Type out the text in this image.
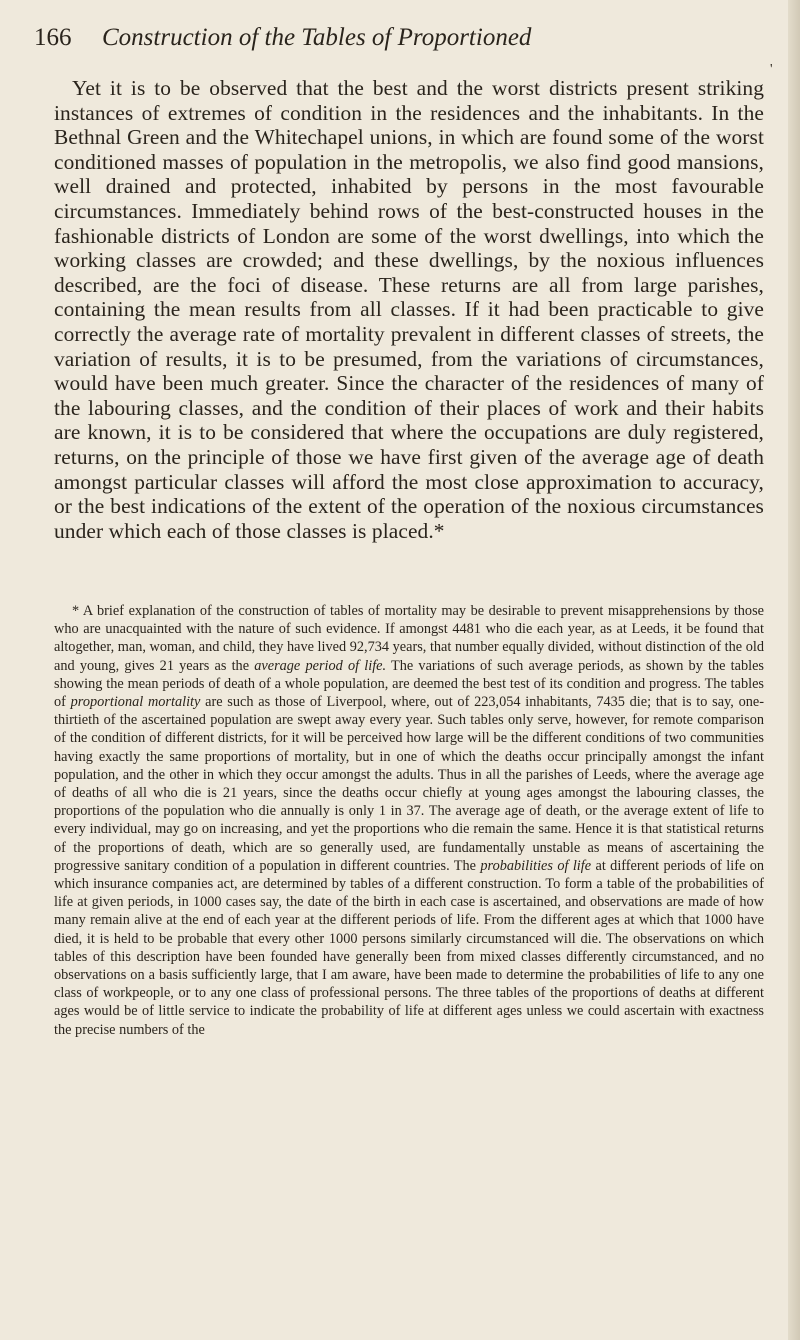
166 Construction of the Tables of Proportioned
'

Yet it is to be observed that the best and the worst districts present striking instances of extremes of condition in the residences and the inhabitants. In the Bethnal Green and the Whitechapel unions, in which are found some of the worst conditioned masses of population in the metropolis, we also find good mansions, well drained and protected, inhabited by persons in the most favourable circumstances. Immediately behind rows of the best-constructed houses in the fashionable districts of London are some of the worst dwellings, into which the working classes are crowded; and these dwellings, by the noxious influences described, are the foci of disease. These returns are all from large parishes, containing the mean results from all classes. If it had been practicable to give correctly the average rate of mortality prevalent in different classes of streets, the variation of results, it is to be presumed, from the variations of circumstances, would have been much greater. Since the character of the residences of many of the labouring classes, and the condition of their places of work and their habits are known, it is to be considered that where the occupations are duly registered, returns, on the principle of those we have first given of the average age of death amongst particular classes will afford the most close approximation to accuracy, or the best indications of the extent of the operation of the noxious circumstances under which each of those classes is placed.*

* A brief explanation of the construction of tables of mortality may be desirable to prevent misapprehensions by those who are unacquainted with the nature of such evidence. If amongst 4481 who die each year, as at Leeds, it be found that altogether, man, woman, and child, they have lived 92,734 years, that number equally divided, without distinction of the old and young, gives 21 years as the average period of life. The variations of such average periods, as shown by the tables showing the mean periods of death of a whole population, are deemed the best test of its condition and progress. The tables of proportional mortality are such as those of Liverpool, where, out of 223,054 inhabitants, 7435 die; that is to say, one-thirtieth of the ascertained population are swept away every year. Such tables only serve, however, for remote comparison of the condition of different districts, for it will be perceived how large will be the different conditions of two communities having exactly the same proportions of mortality, but in one of which the deaths occur principally amongst the infant population, and the other in which they occur amongst the adults. Thus in all the parishes of Leeds, where the average age of deaths of all who die is 21 years, since the deaths occur chiefly at young ages amongst the labouring classes, the proportions of the population who die annually is only 1 in 37. The average age of death, or the average extent of life to every individual, may go on increasing, and yet the proportions who die remain the same. Hence it is that statistical returns of the proportions of death, which are so generally used, are fundamentally unstable as means of ascertaining the progressive sanitary condition of a population in different countries. The probabilities of life at different periods of life on which insurance companies act, are determined by tables of a different construction. To form a table of the probabilities of life at given periods, in 1000 cases say, the date of the birth in each case is ascertained, and observations are made of how many remain alive at the end of each year at the different periods of life. From the different ages at which that 1000 have died, it is held to be probable that every other 1000 persons similarly circumstanced will die. The observations on which tables of this description have been founded have generally been from mixed classes differently circumstanced, and no observations on a basis sufficiently large, that I am aware, have been made to determine the probabilities of life to any one class of workpeople, or to any one class of professional persons. The three tables of the proportions of deaths at different ages would be of little service to indicate the probability of life at different ages unless we could ascertain with exactness the precise numbers of the
